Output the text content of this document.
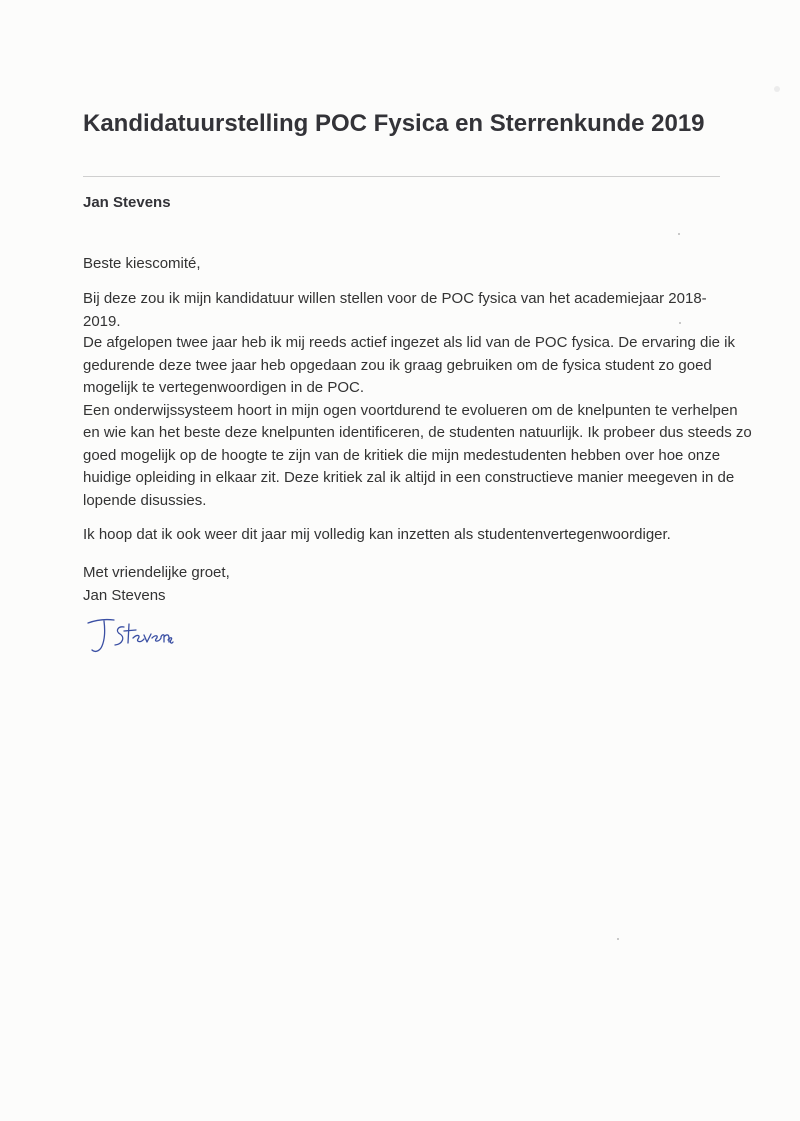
Kandidatuurstelling POC Fysica en Sterrenkunde 2019

Jan Stevens

Beste kiescomité,

Bij deze zou ik mijn kandidatuur willen stellen voor de POC fysica van het academiejaar 2018-2019.

De afgelopen twee jaar heb ik mij reeds actief ingezet als lid van de POC fysica. De ervaring die ik
gedurende deze twee jaar heb opgedaan zou ik graag gebruiken om de fysica student zo goed
mogelijk te vertegenwoordigen in de POC.
Een onderwijssysteem hoort in mijn ogen voortdurend te evolueren om de knelpunten te verhelpen
en wie kan het beste deze knelpunten identificeren, de studenten natuurlijk. Ik probeer dus steeds zo
goed mogelijk op de hoogte te zijn van de kritiek die mijn medestudenten hebben over hoe onze
huidige opleiding in elkaar zit. Deze kritiek zal ik altijd in een constructieve manier meegeven in de
lopende disussies.

Ik hoop dat ik ook weer dit jaar mij volledig kan inzetten als studentenvertegenwoordiger.

Met vriendelijke groet,
Jan Stevens
